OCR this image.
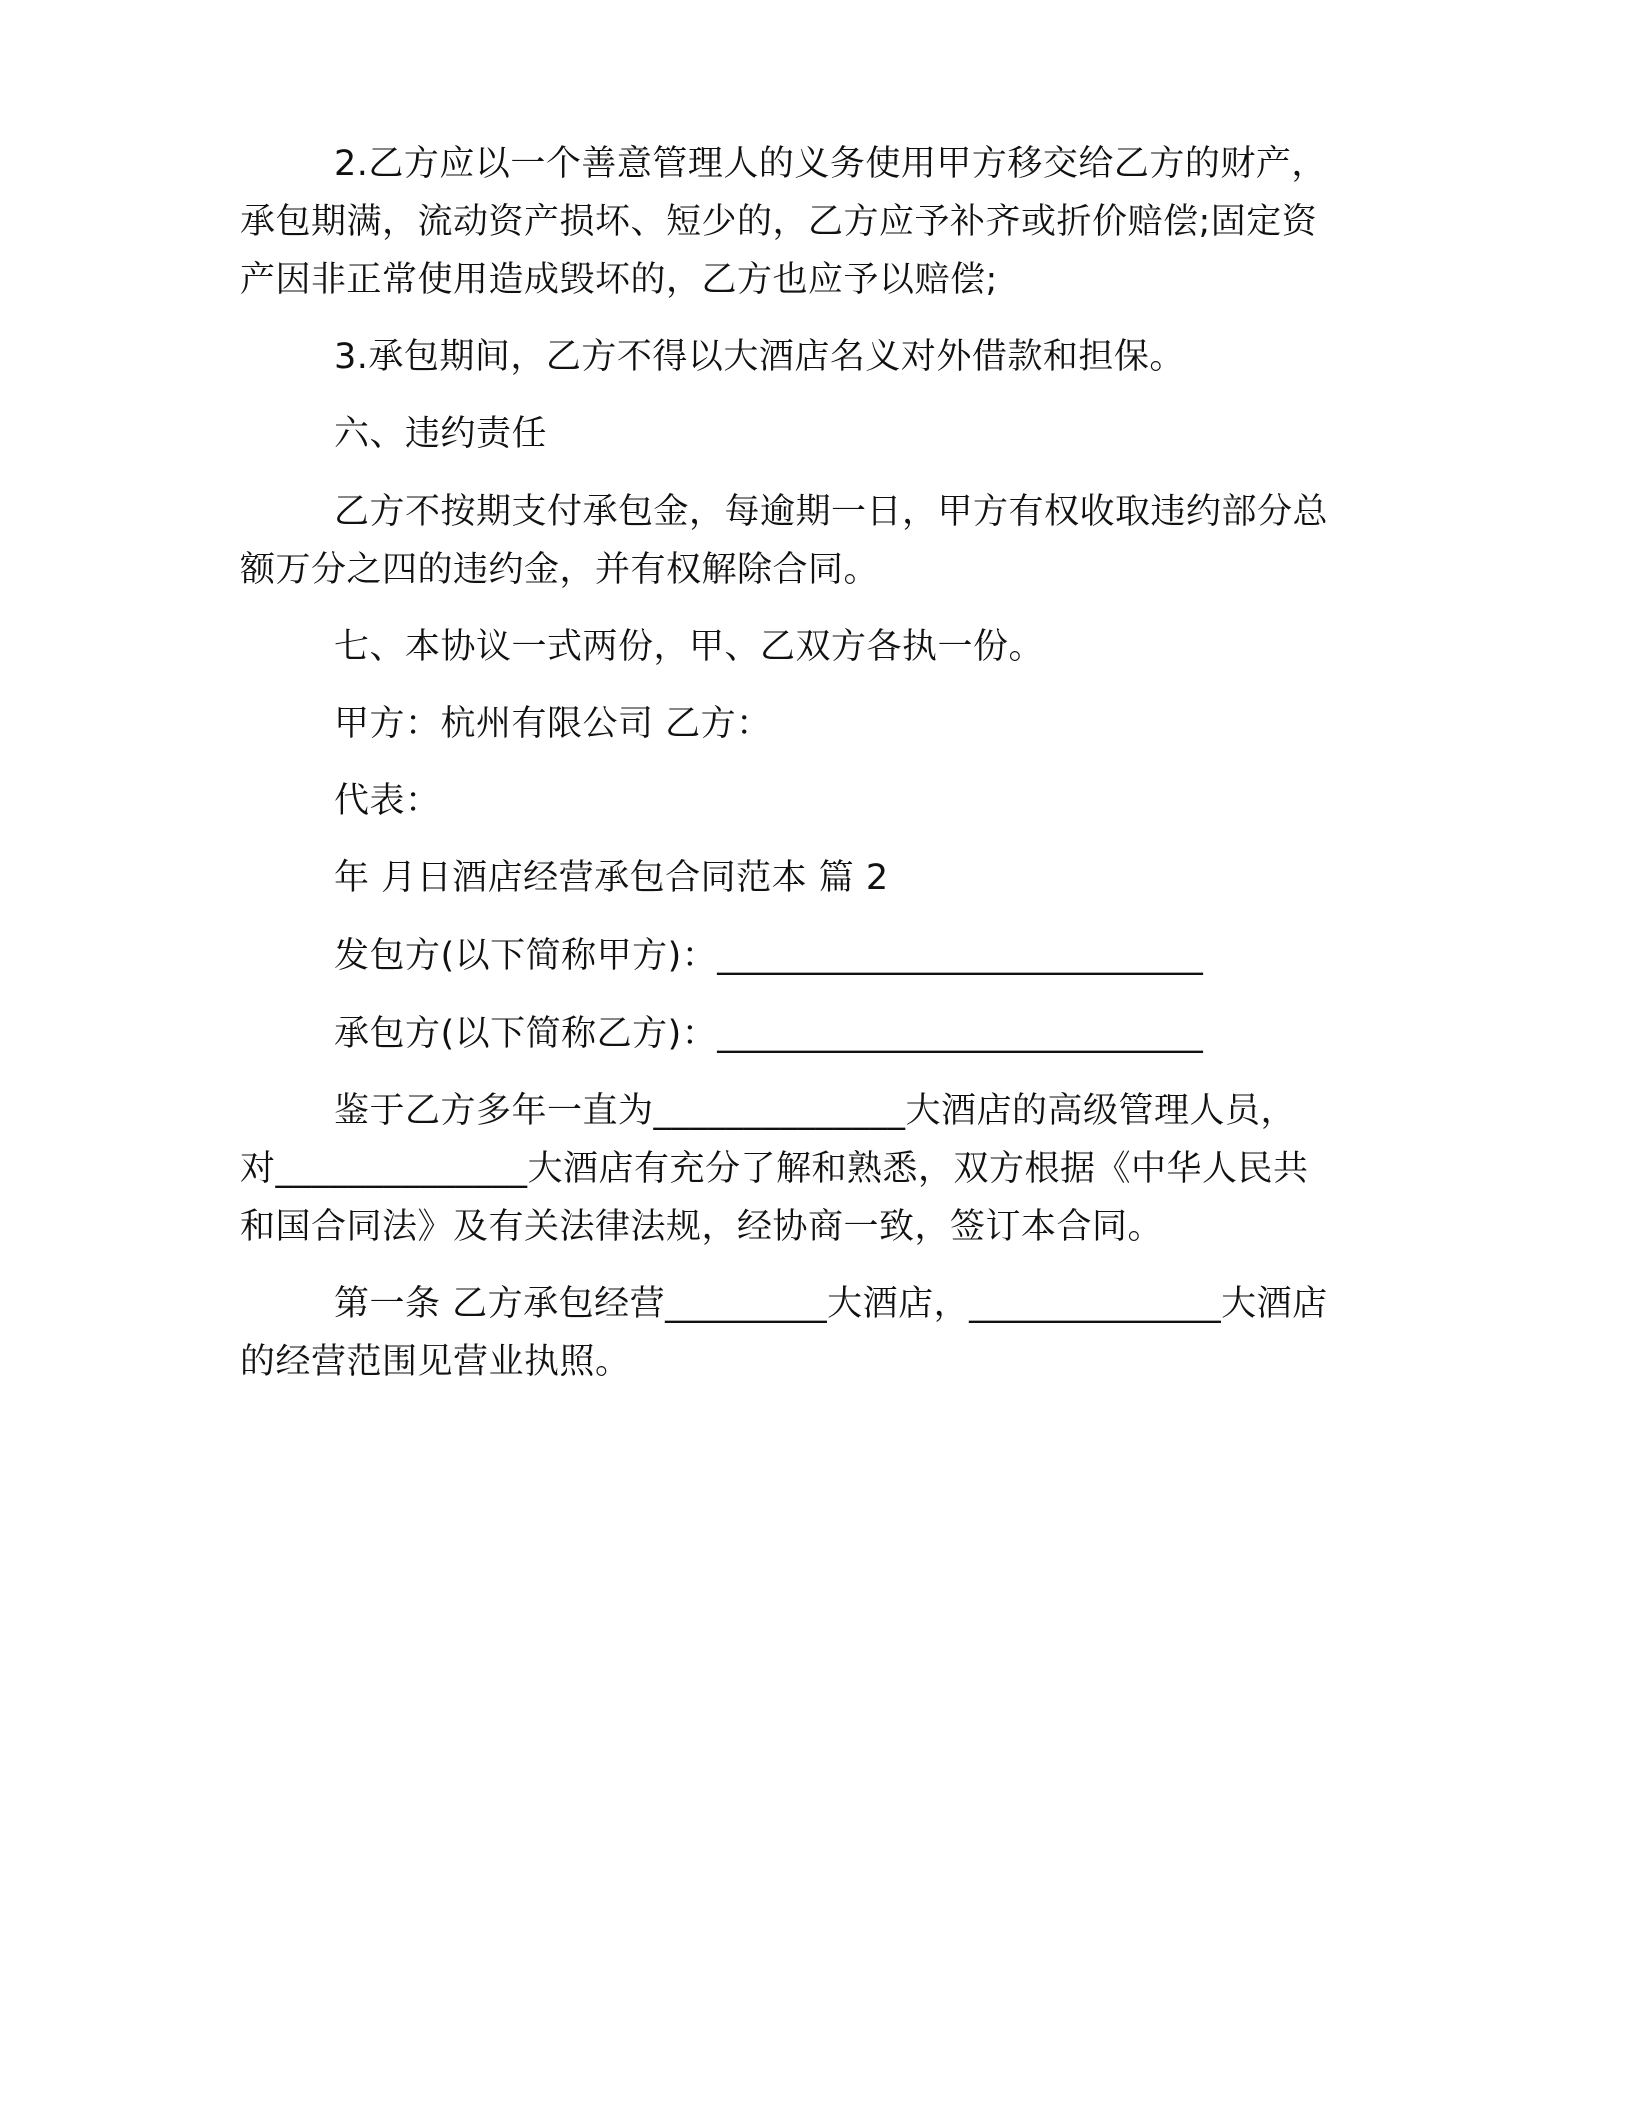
2.乙方应以一个善意管理人的义务使用甲方移交给乙方的财产，
承包期满，流动资产损坏、短少的，乙方应予补齐或折价赔偿;固定资
产因非正常使用造成毁坏的，乙方也应予以赔偿;
3.承包期间，乙方不得以大酒店名义对外借款和担保。
六、违约责任
乙方不按期支付承包金，每逾期一日，甲方有权收取违约部分总
额万分之四的违约金，并有权解除合同。
七、本协议一式两份，甲、乙双方各执一份。
甲方：杭州有限公司 乙方：
代表：
年 月日酒店经营承包合同范本 篇 2
发包方(以下简称甲方)：___________________________
承包方(以下简称乙方)：___________________________
鉴于乙方多年一直为______________大酒店的高级管理人员，
对______________大酒店有充分了解和熟悉，双方根据《中华人民共
和国合同法》及有关法律法规，经协商一致，签订本合同。
第一条 乙方承包经营_________大酒店，______________大酒店
的经营范围见营业执照。
